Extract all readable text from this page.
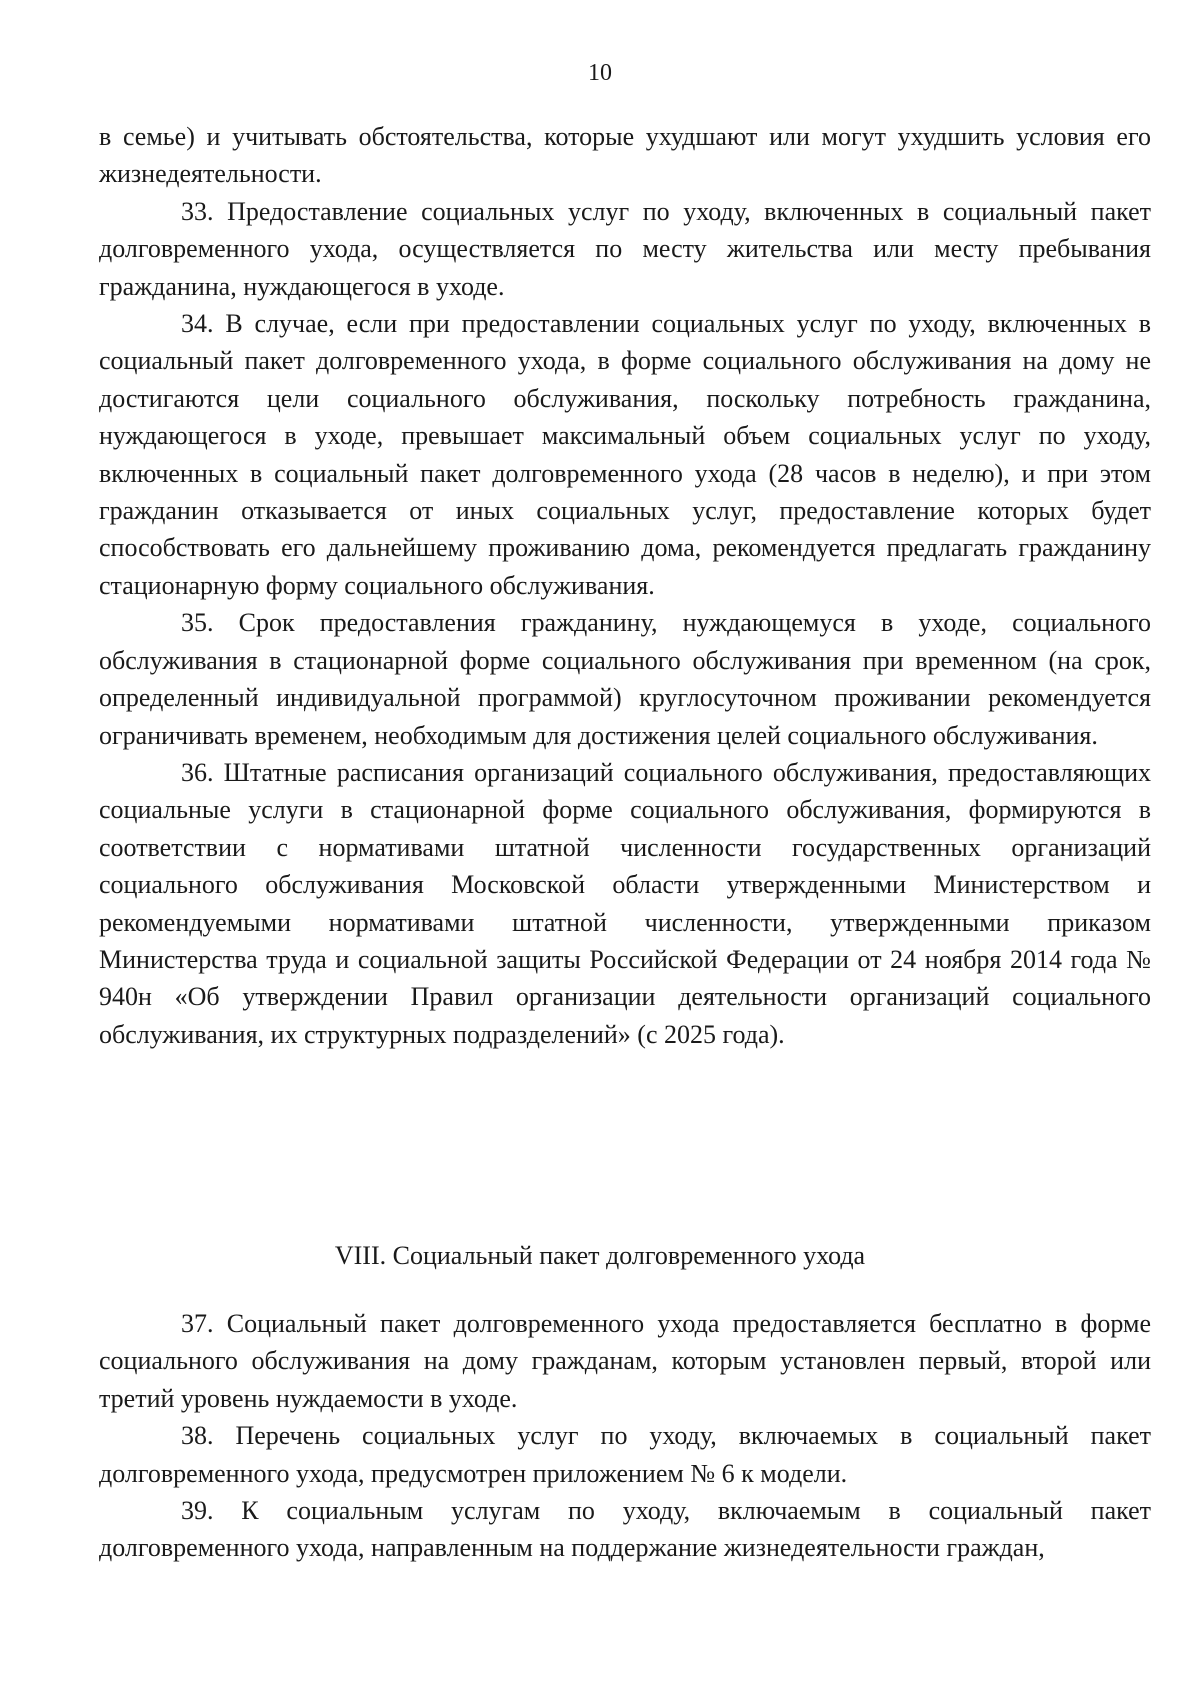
10

в семье) и учитывать обстоятельства, которые ухудшают или могут ухудшить условия его жизнедеятельности.

33. Предоставление социальных услуг по уходу, включенных в социальный пакет долговременного ухода, осуществляется по месту жительства или месту пребывания гражданина, нуждающегося в уходе.

34. В случае, если при предоставлении социальных услуг по уходу, включенных в социальный пакет долговременного ухода, в форме социального обслуживания на дому не достигаются цели социального обслуживания, поскольку потребность гражданина, нуждающегося в уходе, превышает максимальный объем социальных услуг по уходу, включенных в социальный пакет долговременного ухода (28 часов в неделю), и при этом гражданин отказывается от иных социальных услуг, предоставление которых будет способствовать его дальнейшему проживанию дома, рекомендуется предлагать гражданину стационарную форму социального обслуживания.

35. Срок предоставления гражданину, нуждающемуся в уходе, социального обслуживания в стационарной форме социального обслуживания при временном (на срок, определенный индивидуальной программой) круглосуточном проживании рекомендуется ограничивать временем, необходимым для достижения целей социального обслуживания.

36. Штатные расписания организаций социального обслуживания, предоставляющих социальные услуги в стационарной форме социального обслуживания, формируются в соответствии с нормативами штатной численности государственных организаций социального обслуживания Московской области утвержденными Министерством и рекомендуемыми нормативами штатной численности, утвержденными приказом Министерства труда и социальной защиты Российской Федерации от 24 ноября 2014 года № 940н «Об утверждении Правил организации деятельности организаций социального обслуживания, их структурных подразделений» (с 2025 года).

VIII. Социальный пакет долговременного ухода

37. Социальный пакет долговременного ухода предоставляется бесплатно в форме социального обслуживания на дому гражданам, которым установлен первый, второй или третий уровень нуждаемости в уходе.

38. Перечень социальных услуг по уходу, включаемых в социальный пакет долговременного ухода, предусмотрен приложением № 6 к модели.

39. К социальным услугам по уходу, включаемым в социальный пакет долговременного ухода, направленным на поддержание жизнедеятельности граждан,
